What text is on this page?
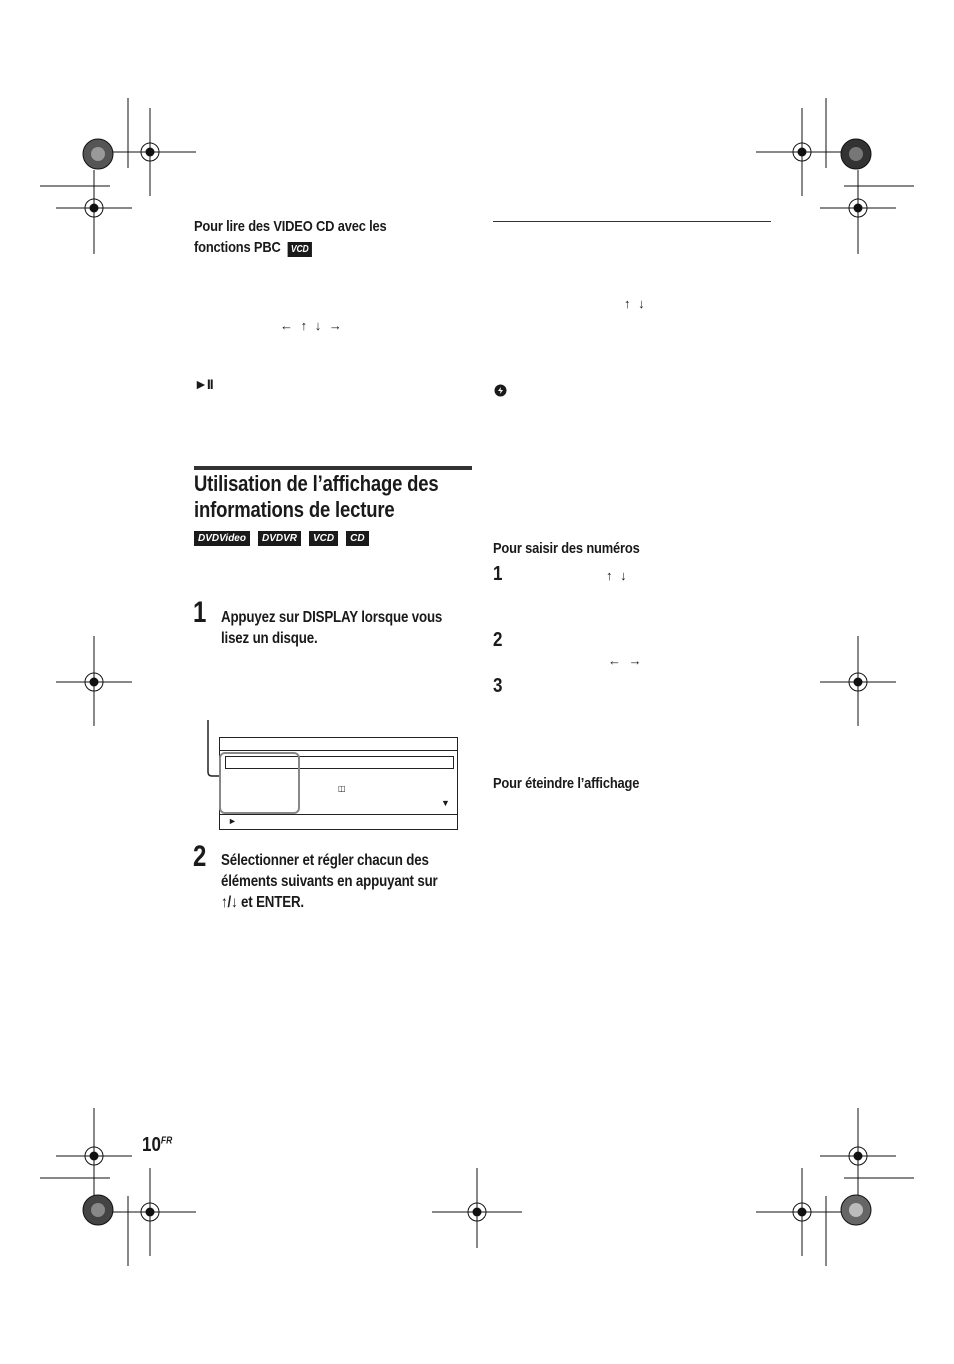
Pour lire des VIDEO CD avec les
fonctions PBC VCD
← ↑ ↓ →
►II
Utilisation de l’affichage des
informations de lecture
DVDVideo DVDVR VCD CD
1 Appuyez sur DISPLAY lorsque vous
lisez un disque.
◫
▼
►
2 Sélectionner et régler chacun des
éléments suivants en appuyant sur
↑/↓ et ENTER.
↑ ↓
Pour saisir des numéros
1	↑ ↓
2
← →
3
Pour éteindre l’affichage
$10^{FR}$
